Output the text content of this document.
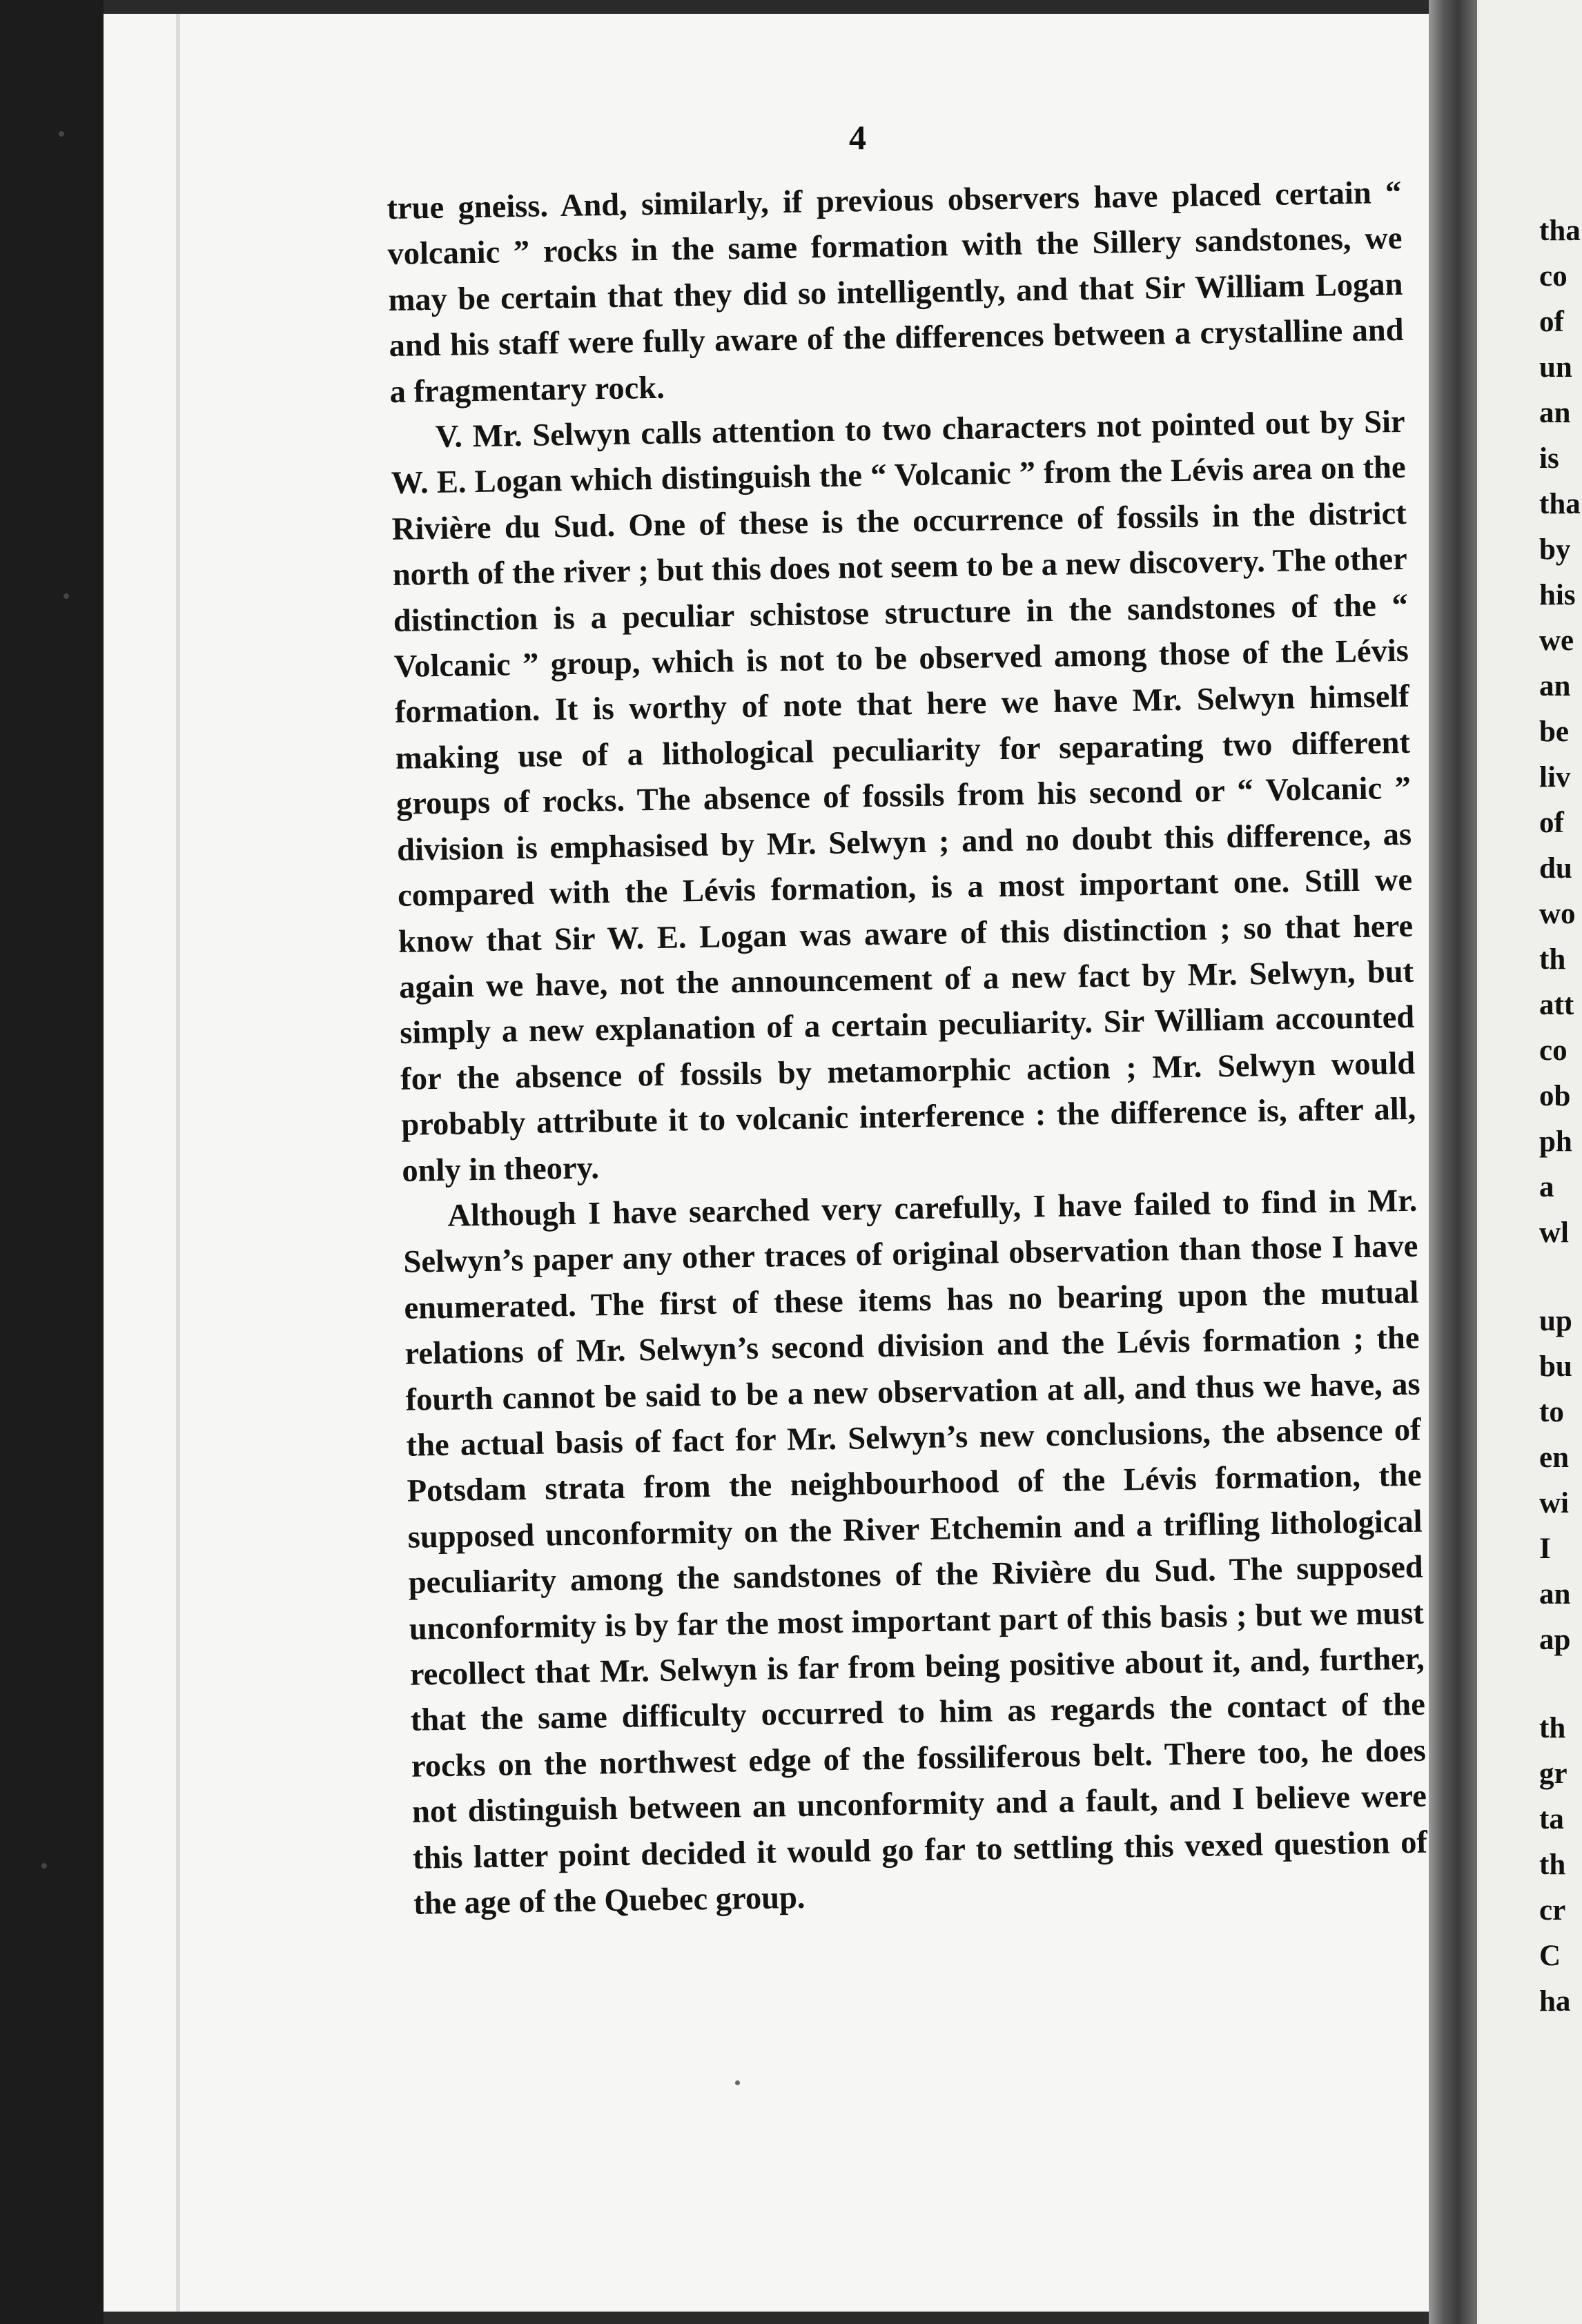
tha
co
of
un
an
is
tha
by
his
we
an
be
liv
of
du
wo
th
att
co
ob
ph
a
wl
up
bu
to
en
wi
I
an
ap
th
gr
ta
th
cr
C
ha
4

true gneiss. And, similarly, if previous observers have placed certain “ volcanic ” rocks in the same formation with the Sillery sandstones, we may be certain that they did so intelligently, and that Sir William Logan and his staff were fully aware of the differences between a crystalline and a fragmentary rock.

V. Mr. Selwyn calls attention to two characters not pointed out by Sir W. E. Logan which distinguish the “ Volcanic ” from the Lévis area on the Rivière du Sud. One of these is the occurrence of fossils in the district north of the river ; but this does not seem to be a new discovery. The other distinction is a peculiar schistose structure in the sandstones of the “ Volcanic ” group, which is not to be observed among those of the Lévis formation. It is worthy of note that here we have Mr. Selwyn himself making use of a lithological peculiarity for separating two different groups of rocks. The absence of fossils from his second or “ Volcanic ” division is emphasised by Mr. Selwyn ; and no doubt this difference, as compared with the Lévis formation, is a most important one. Still we know that Sir W. E. Logan was aware of this distinction ; so that here again we have, not the announcement of a new fact by Mr. Selwyn, but simply a new explanation of a certain peculiarity. Sir William accounted for the absence of fossils by metamorphic action ; Mr. Selwyn would probably attribute it to volcanic interference : the difference is, after all, only in theory.

Although I have searched very carefully, I have failed to find in Mr. Selwyn’s paper any other traces of original observation than those I have enumerated. The first of these items has no bearing upon the mutual relations of Mr. Selwyn’s second division and the Lévis formation ; the fourth cannot be said to be a new observation at all, and thus we have, as the actual basis of fact for Mr. Selwyn’s new conclusions, the absence of Potsdam strata from the neighbourhood of the Lévis formation, the supposed unconformity on the River Etchemin and a trifling lithological peculiarity among the sandstones of the Rivière du Sud. The supposed unconformity is by far the most important part of this basis ; but we must recollect that Mr. Selwyn is far from being positive about it, and, further, that the same difficulty occurred to him as regards the contact of the rocks on the northwest edge of the fossiliferous belt. There too, he does not distinguish between an unconformity and a fault, and I believe were this latter point decided it would go far to settling this vexed question of the age of the Quebec group.
